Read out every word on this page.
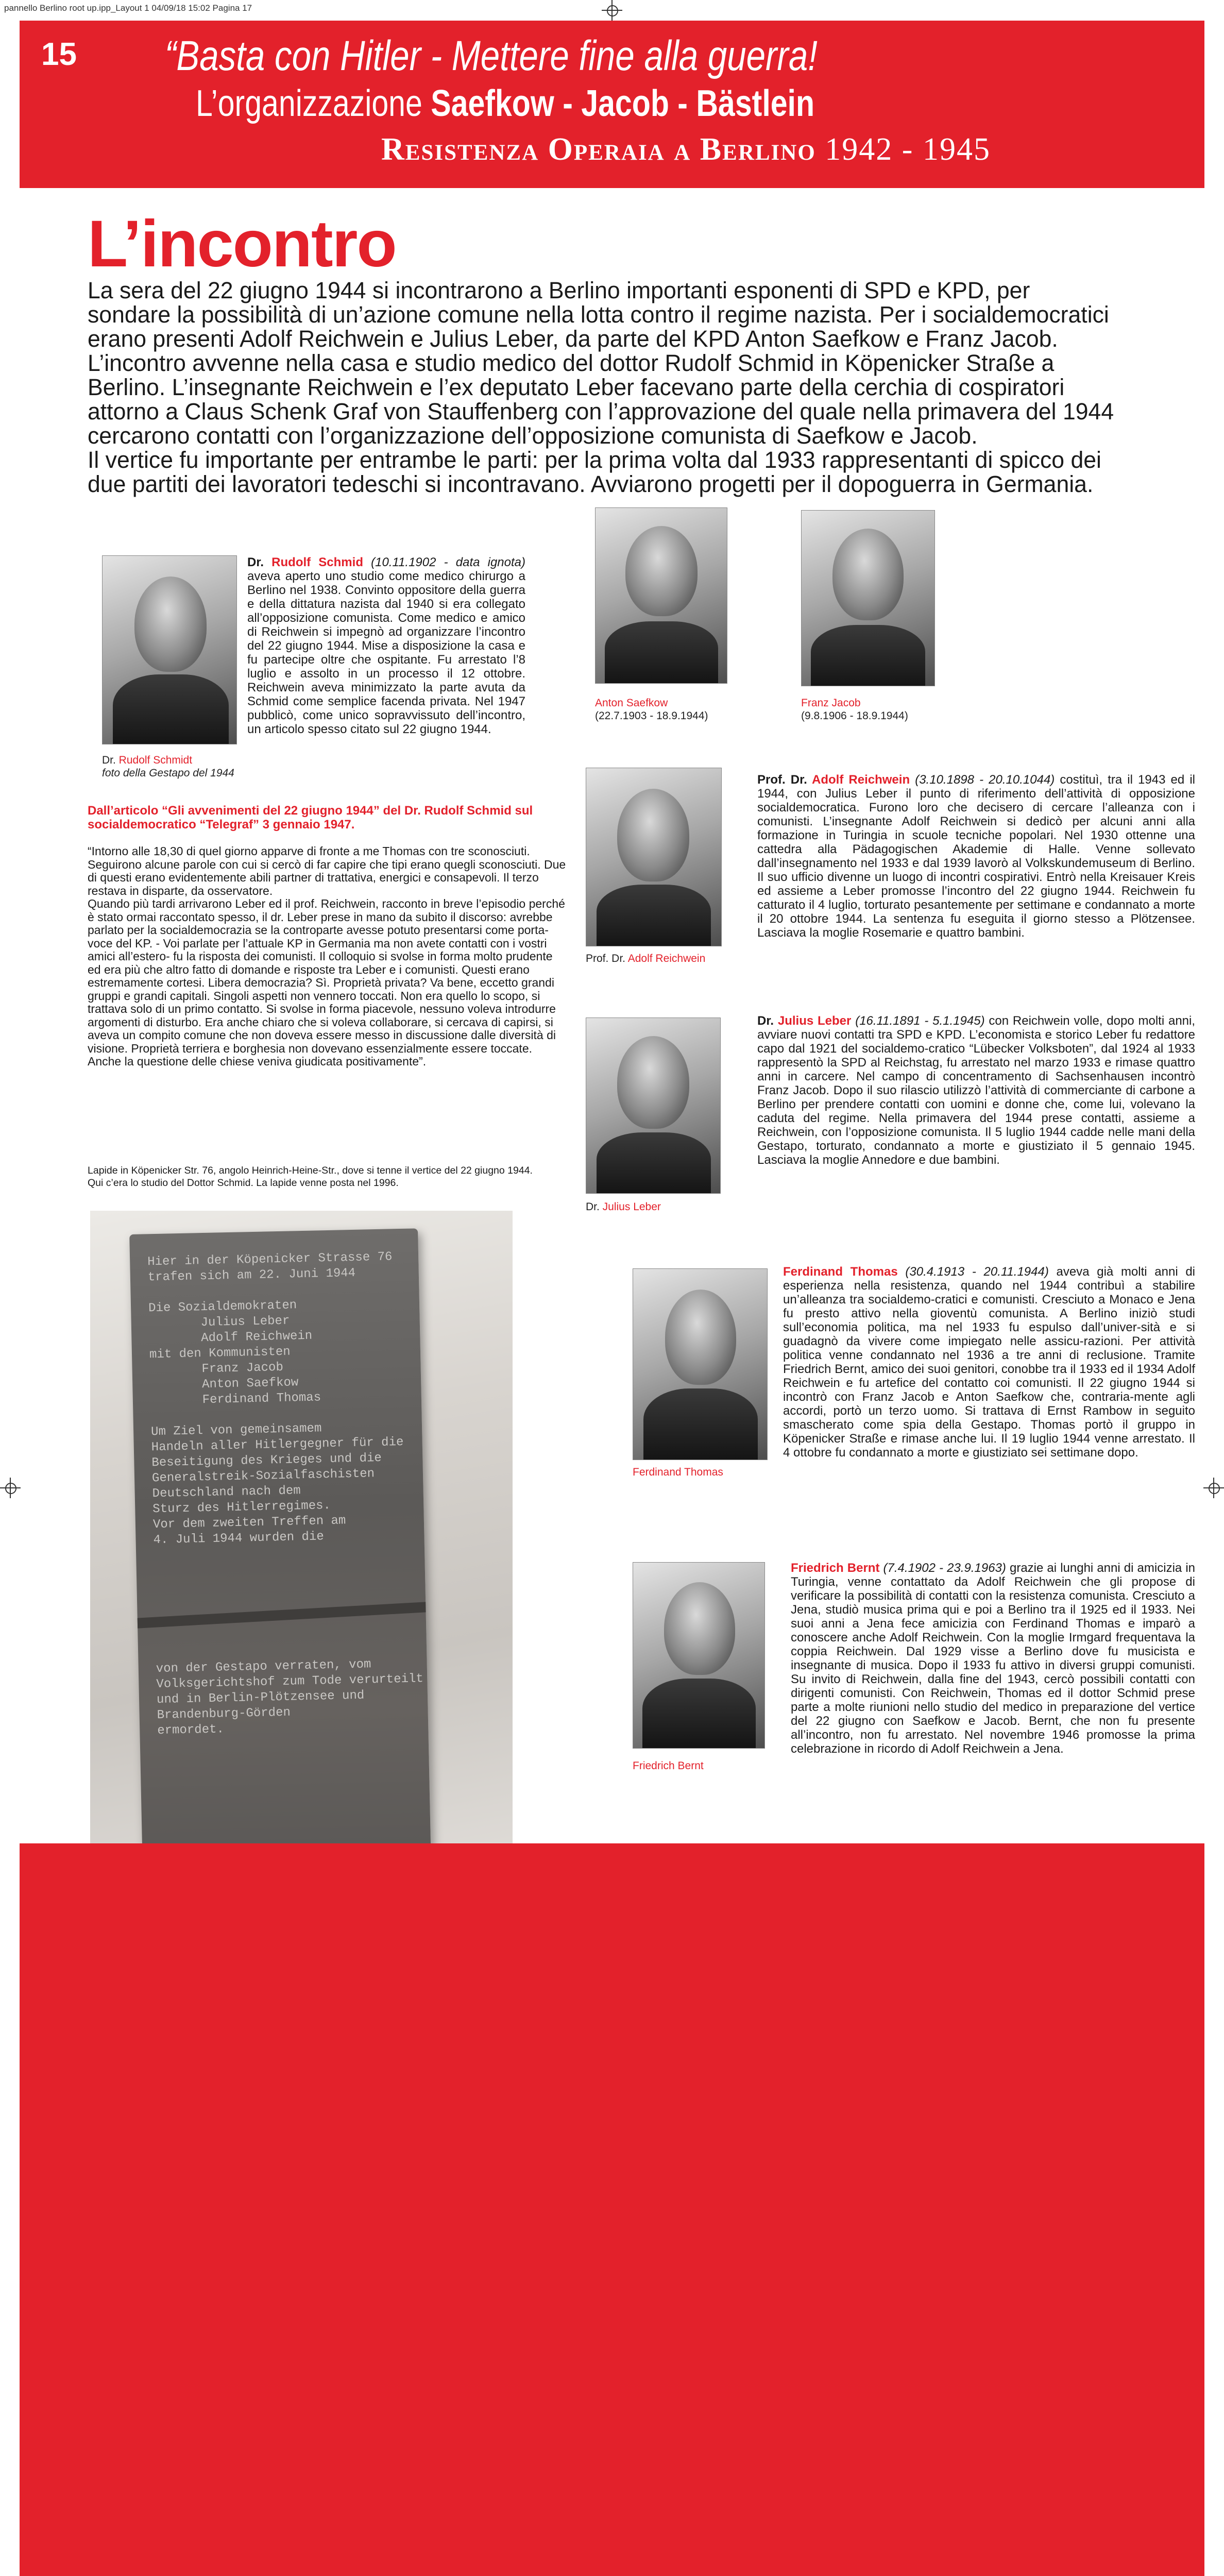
pannello Berlino root up.ipp_Layout 1 04/09/18 15:02 Pagina 17
15 “Basta con Hitler - Mettere fine alla guerra!
L’organizzazione Saefkow - Jacob - Bästlein
Resistenza Operaia a Berlino 1942 - 1945
L’incontro
La sera del 22 giugno 1944 si incontrarono a Berlino importanti esponenti di SPD e KPD, per sondare la possibilità di un’azione comune nella lotta contro il regime nazista. Per i socialdemocratici erano presenti Adolf Reichwein e Julius Leber, da parte del KPD Anton Saefkow e Franz Jacob. L’incontro avvenne nella casa e studio medico del dottor Rudolf Schmid in Köpenicker Straße a Berlino. L’insegnante Reichwein e l’ex deputato Leber facevano parte della cerchia di cospiratori attorno a Claus Schenk Graf von Stauffenberg con l’approvazione del quale nella primavera del 1944 cercarono contatti con l’organizzazione dell’opposizione comunista di Saefkow e Jacob.
Il vertice fu importante per entrambe le parti: per la prima volta dal 1933 rappresentanti di spicco dei due partiti dei lavoratori tedeschi si incontravano. Avviarono progetti per il dopoguerra in Germania.
Dr. Rudolf Schmidt
foto della Gestapo del 1944
Dr. Rudolf Schmid (10.11.1902 - data ignota) aveva aperto uno studio come medico chirurgo a Berlino nel 1938. Convinto oppositore della guerra e della dittatura nazista dal 1940 si era collegato all’opposizione comunista. Come medico e amico di Reichwein si impegnò ad organizzare l’incontro del 22 giugno 1944. Mise a disposizione la casa e fu partecipe oltre che ospitante. Fu arrestato l’8 luglio e assolto in un processo il 12 ottobre. Reichwein aveva minimizzato la parte avuta da Schmid come semplice facenda privata. Nel 1947 pubblicò, come unico sopravvissuto dell’incontro, un articolo spesso citato sul 22 giugno 1944.
Anton Saefkow
(22.7.1903 - 18.9.1944)
Franz Jacob
(9.8.1906 - 18.9.1944)
Dall’articolo “Gli avvenimenti del 22 giugno 1944” del Dr. Rudolf Schmid sul socialdemocratico “Telegraf” 3 gennaio 1947.

“Intorno alle 18,30 di quel giorno apparve di fronte a me Thomas con tre sconosciuti. Seguirono alcune parole con cui si cercò di far capire che tipi erano quegli sconosciuti. Due di questi erano evidentemente abili partner di trattativa, energici e consapevoli. Il terzo restava in disparte, da osservatore.

Quando più tardi arrivarono Leber ed il prof. Reichwein, racconto in breve l’episodio perché è stato ormai raccontato spesso, il dr. Leber prese in mano da subito il discorso: avrebbe parlato per la socialdemocrazia se la controparte avesse potuto presentarsi come porta-voce del KP. - Voi parlate per l’attuale KP in Germania ma non avete contatti con i vostri amici all’estero- fu la risposta dei comunisti. Il colloquio si svolse in forma molto prudente ed era più che altro fatto di domande e risposte tra Leber e i comunisti. Questi erano estremamente cortesi. Libera democrazia? Sì. Proprietà privata? Va bene, eccetto grandi gruppi e grandi capitali. Singoli aspetti non vennero toccati. Non era quello lo scopo, si trattava solo di un primo contatto. Si svolse in forma piacevole, nessuno voleva introdurre argomenti di disturbo. Era anche chiaro che si voleva collaborare, si cercava di capirsi, si aveva un compito comune che non doveva essere messo in discussione dalle diversità di visione. Proprietà terriera e borghesia non dovevano essenzialmente essere toccate. Anche la questione delle chiese veniva giudicata positivamente”.

Prof. Dr. Adolf Reichwein
Prof. Dr. Adolf Reichwein (3.10.1898 - 20.10.1044) costituì, tra il 1943 ed il 1944, con Julius Leber il punto di riferimento dell’attività di opposizione socialdemocratica. Furono loro che decisero di cercare l’alleanza con i comunisti. L’insegnante Adolf Reichwein si dedicò per alcuni anni alla formazione in Turingia in scuole tecniche popolari. Nel 1930 ottenne una cattedra alla Pädagogischen Akademie di Halle. Venne sollevato dall’insegnamento nel 1933 e dal 1939 lavorò al Volkskundemuseum di Berlino. Il suo ufficio divenne un luogo di incontri cospirativi. Entrò nella Kreisauer Kreis ed assieme a Leber promosse l’incontro del 22 giugno 1944. Reichwein fu catturato il 4 luglio, torturato pesantemente per settimane e condannato a morte il 20 ottobre 1944. La sentenza fu eseguita il giorno stesso a Plötzensee. Lasciava la moglie Rosemarie e quattro bambini.
Dr. Julius Leber
Dr. Julius Leber (16.11.1891 - 5.1.1945) con Reichwein volle, dopo molti anni, avviare nuovi contatti tra SPD e KPD. L’economista e storico Leber fu redattore capo dal 1921 del socialdemo-cratico “Lübecker Volksboten”, dal 1924 al 1933 rappresentò la SPD al Reichstag, fu arrestato nel marzo 1933 e rimase quattro anni in carcere. Nel campo di concentramento di Sachsenhausen incontrò Franz Jacob. Dopo il suo rilascio utilizzò l’attività di commerciante di carbone a Berlino per prendere contatti con uomini e donne che, come lui, volevano la caduta del regime. Nella primavera del 1944 prese contatti, assieme a Reichwein, con l’opposizione comunista. Il 5 luglio 1944 cadde nelle mani della Gestapo, torturato, condannato a morte e giustiziato il 5 gennaio 1945. Lasciava la moglie Annedore e due bambini.
Lapide in Köpenicker Str. 76, angolo Heinrich-Heine-Str., dove si tenne il vertice del 22 giugno 1944. Qui c’era lo studio del Dottor Schmid. La lapide venne posta nel 1996.
Hier in der Köpenicker Strasse 76
trafen sich am 22. Juni 1944

Die Sozialdemokraten
Julius Leber
Adolf Reichwein
mit den Kommunisten
Franz Jacob
Anton Saefkow
Ferdinand Thomas

Um Ziel von gemeinsamem
Handeln aller Hitlergegner für die
Beseitigung des Krieges und die
Generalstreik-Sozialfaschisten
Deutschland nach dem
Sturz des Hitlerregimes.
Vor dem zweiten Treffen am
4. Juli 1944 wurden die

von der Gestapo verraten, vom
Volksgerichtshof zum Tode verurteilt
und in Berlin-Plötzensee und
Brandenburg-Görden
ermordet.
Ferdinand Thomas
Ferdinand Thomas (30.4.1913 - 20.11.1944) aveva già molti anni di esperienza nella resistenza, quando nel 1944 contribuì a stabilire un’alleanza tra socialdemo-cratici e comunisti. Cresciuto a Monaco e Jena fu presto attivo nella gioventù comunista. A Berlino iniziò studi sull’economia politica, ma nel 1933 fu espulso dall’univer-sità e si guadagnò da vivere come impiegato nelle assicu-razioni. Per attività politica venne condannato nel 1936 a tre anni di reclusione. Tramite Friedrich Bernt, amico dei suoi genitori, conobbe tra il 1933 ed il 1934 Adolf Reichwein e fu artefice del contatto coi comunisti. Il 22 giugno 1944 si incontrò con Franz Jacob e Anton Saefkow che, contraria-mente agli accordi, portò un terzo uomo. Si trattava di Ernst Rambow in seguito smascherato come spia della Gestapo. Thomas portò il gruppo in Köpenicker Straße e rimase anche lui. Il 19 luglio 1944 venne arrestato. Il 4 ottobre fu condannato a morte e giustiziato sei settimane dopo.
Friedrich Bernt
Friedrich Bernt (7.4.1902 - 23.9.1963) grazie ai lunghi anni di amicizia in Turingia, venne contattato da Adolf Reichwein che gli propose di verificare la possibilità di contatti con la resistenza comunista. Cresciuto a Jena, studiò musica prima qui e poi a Berlino tra il 1925 ed il 1933. Nei suoi anni a Jena fece amicizia con Ferdinand Thomas e imparò a conoscere anche Adolf Reichwein. Con la moglie Irmgard frequentava la coppia Reichwein. Dal 1929 visse a Berlino dove fu musicista e insegnante di musica. Dopo il 1933 fu attivo in diversi gruppi comunisti. Su invito di Reichwein, dalla fine del 1943, cercò possibili contatti con dirigenti comunisti. Con Reichwein, Thomas ed il dottor Schmid prese parte a molte riunioni nello studio del medico in preparazione del vertice del 22 giugno con Saefkow e Jacob. Bernt, che non fu presente all’incontro, non fu arrestato. Nel novembre 1946 promosse la prima celebrazione in ricordo di Adolf Reichwein a Jena.
